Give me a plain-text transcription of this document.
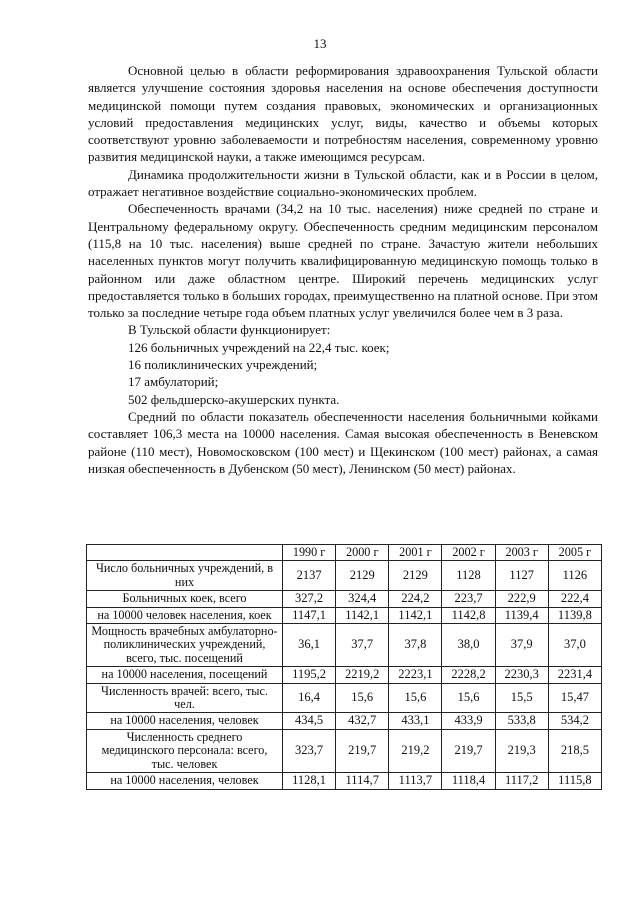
13

Основной целью в области реформирования здравоохранения Тульской области является улучшение состояния здоровья населения на основе обеспечения доступности медицинской помощи путем создания правовых, экономических и организационных условий предоставления медицинских услуг, виды, качество и объемы которых соответствуют уровню заболеваемости и потребностям населения, современному уровню развития медицинской науки, а также имеющимся ресурсам.

Динамика продолжительности жизни в Тульской области, как и в России в целом, отражает негативное воздействие социально-экономических проблем.

Обеспеченность врачами (34,2 на 10 тыс. населения) ниже средней по стране и Центральному федеральному округу. Обеспеченность средним медицинским персоналом (115,8 на 10 тыс. населения) выше средней по стране. Зачастую жители небольших населенных пунктов могут получить квалифицированную медицинскую помощь только в районном или даже областном центре. Широкий перечень медицинских услуг предоставляется только в больших городах, преимущественно на платной основе. При этом только за последние четыре года объем платных услуг увеличился более чем в 3 раза.

В Тульской области функционирует:

126 больничных учреждений на 22,4 тыс. коек;

16 поликлинических учреждений;

17 амбулаторий;

502 фельдшерско-акушерских пункта.

Средний по области показатель обеспеченности населения больничными койками составляет 106,3 места на 10000 населения. Самая высокая обеспеченность в Веневском районе (110 мест), Новомосковском (100 мест) и Щекинском (100 мест) районах, а самая низкая обеспеченность в Дубенском (50 мест), Ленинском (50 мест) районах.

	1990 г	2000 г	2001 г	2002 г	2003 г	2005 г
Число больничных учреждений, в них	2137	2129	2129	1128	1127	1126
Больничных коек, всего	327,2	324,4	224,2	223,7	222,9	222,4
на 10000 человек населения, коек	1147,1	1142,1	1142,1	1142,8	1139,4	1139,8
Мощность врачебных амбулаторно-поликлинических учреждений, всего, тыс. посещений	36,1	37,7	37,8	38,0	37,9	37,0
на 10000 населения, посещений	1195,2	2219,2	2223,1	2228,2	2230,3	2231,4
Численность врачей: всего, тыс. чел.	16,4	15,6	15,6	15,6	15,5	15,47
на 10000 населения, человек	434,5	432,7	433,1	433,9	533,8	534,2
Численность среднего медицинского персонала: всего, тыс. человек	323,7	219,7	219,2	219,7	219,3	218,5
на 10000 населения, человек	1128,1	1114,7	1113,7	1118,4	1117,2	1115,8
